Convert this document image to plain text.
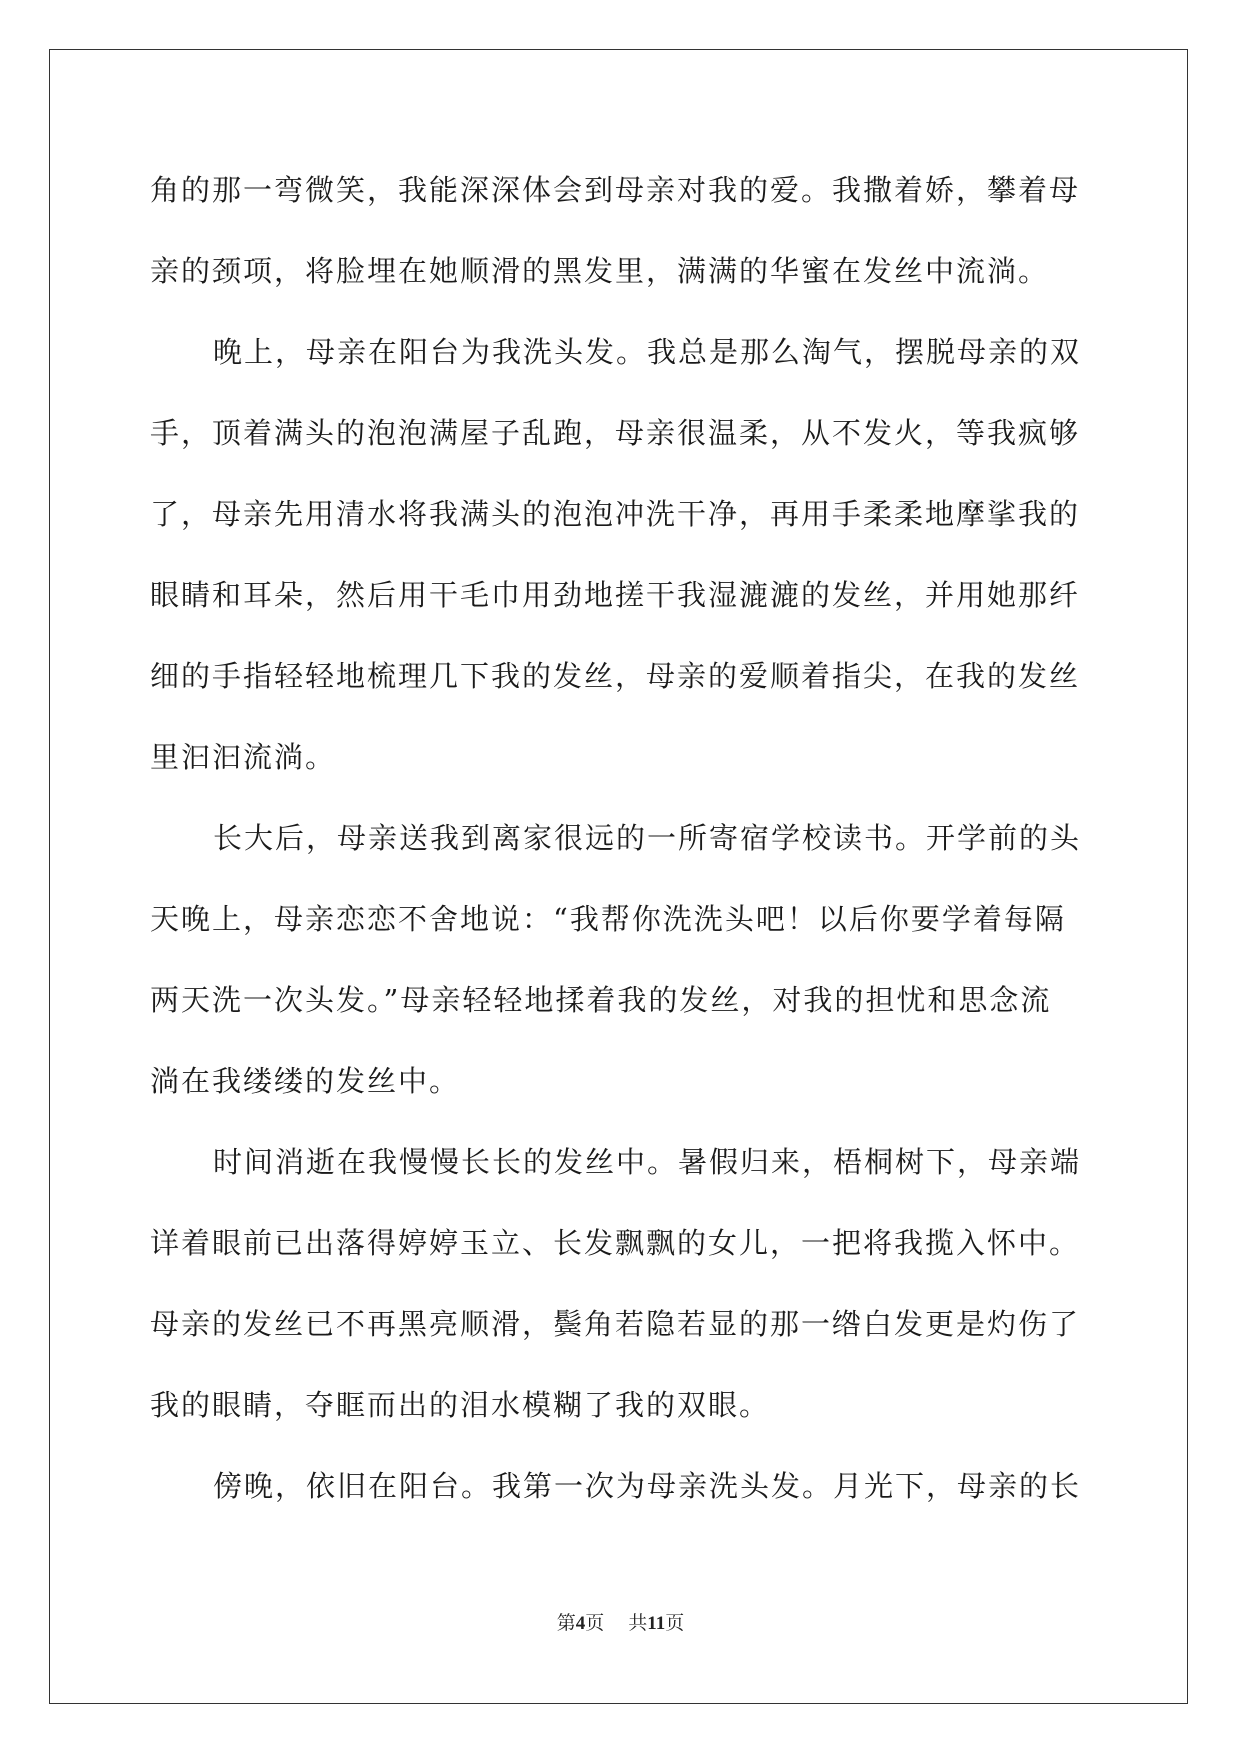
角的那一弯微笑，我能深深体会到母亲对我的爱。我撒着娇，攀着母
亲的颈项，将脸埋在她顺滑的黑发里，满满的华蜜在发丝中流淌。
晚上，母亲在阳台为我洗头发。我总是那么淘气，摆脱母亲的双
手，顶着满头的泡泡满屋子乱跑，母亲很温柔，从不发火，等我疯够
了，母亲先用清水将我满头的泡泡冲洗干净，再用手柔柔地摩挲我的
眼睛和耳朵，然后用干毛巾用劲地搓干我湿漉漉的发丝，并用她那纤
细的手指轻轻地梳理几下我的发丝，母亲的爱顺着指尖，在我的发丝
里汩汩流淌。
长大后，母亲送我到离家很远的一所寄宿学校读书。开学前的头
天晚上，母亲恋恋不舍地说：“我帮你洗洗头吧！以后你要学着每隔
两天洗一次头发。”母亲轻轻地揉着我的发丝，对我的担忧和思念流
淌在我缕缕的发丝中。
时间消逝在我慢慢长长的发丝中。暑假归来，梧桐树下，母亲端
详着眼前已出落得婷婷玉立、长发飘飘的女儿，一把将我揽入怀中。
母亲的发丝已不再黑亮顺滑，鬓角若隐若显的那一绺白发更是灼伤了
我的眼睛，夺眶而出的泪水模糊了我的双眼。
傍晚，依旧在阳台。我第一次为母亲洗头发。月光下，母亲的长
第4页 共11页
